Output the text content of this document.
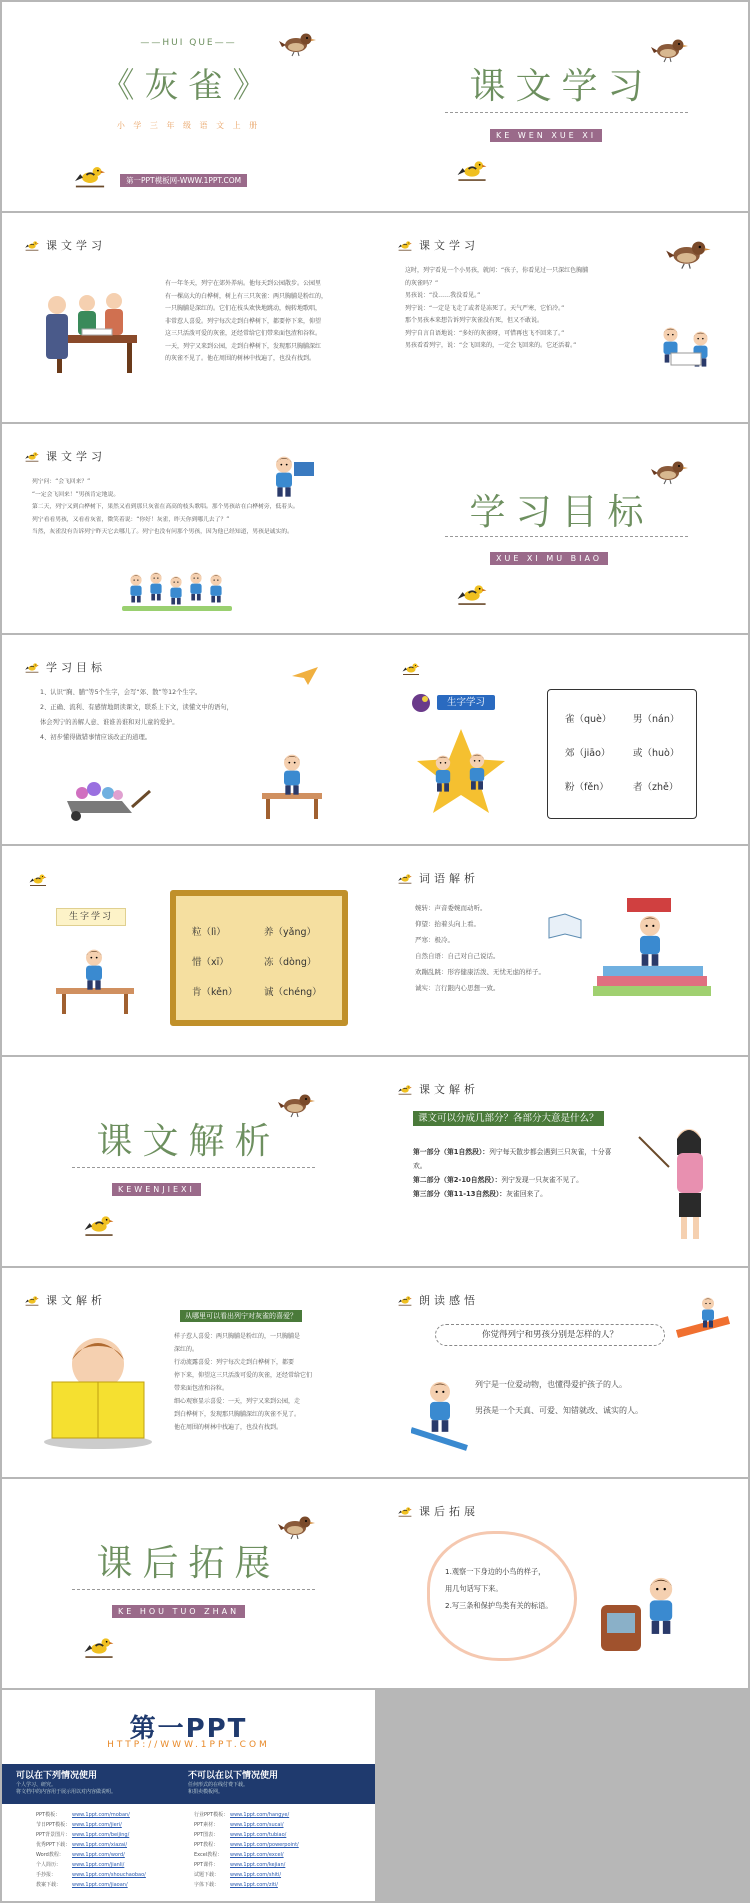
——HUI QUE——
《灰雀》
小 学 三 年 级 语 文 上 册
第一PPT模板网-WWW.1PPT.COM
课文学习
KE WEN XUE XI
课文学习
有一年冬天，列宁在郊外养病。他每天到公园散步。公园里
有一棵高大的白桦树，树上有三只灰雀：两只胸脯是粉红的，
一只胸脯是深红的。它们在枝头欢快地跳动，婉转地歌唱，
非常惹人喜爱。列宁每次走到白桦树下，都要停下来，仰望
这三只活泼可爱的灰雀，还经常给它们带来面包渣和谷粒。
一天，列宁又来到公园，走到白桦树下，发现那只胸脯深红
的灰雀不见了。他在周围的树林中找遍了，也没有找到。
课文学习
这时，列宁看见一个小男孩，就问：“孩子，你看见过一只深红色胸脯
的灰雀吗？”
男孩说：“没……我没看见。”
列宁说：“一定是飞走了或者是冻死了。天气严寒，它怕冷。”
那个男孩本来想告诉列宁灰雀没有死，但又不敢说。
列宁自言自语地说：“多好的灰雀呀，可惜再也飞不回来了。”
男孩看看列宁，说：“会飞回来的，一定会飞回来的。它还活着。”
课文学习
列宁问：“会飞回来？”
“一定会飞回来！”男孩肯定地说。
第二天，列宁又到白桦树下，果然又看到那只灰雀在高高的枝头歌唱。那个男孩站在白桦树旁，低着头。
列宁看看男孩，又看看灰雀，微笑着说：“你好！灰雀，昨天你到哪儿去了？”
当然，灰雀没有告诉列宁昨天它去哪儿了。列宁也没有问那个男孩，因为他已经知道，男孩是诚实的。	学习目标
XUE XI MU BIAO
学习目标
1、认识“胸、脯”等5个生字，会写“郊、散”等12个生字。
2、正确、流利、有感情地朗读课文，联系上下文，读懂文中的语句，
体会列宁的善解人意、谁谁善谁和对儿童的爱护。
4、初步懂得做错事情应该改正的道理。
生字学习
雀（què） 男（nán）
郊（jiāo） 或（huò）
粉（fěn）	者（zhě）
生字学习
粒（lì）	养（yǎng）
惜（xī）	冻（dòng）
肯（kěn）	诚（chéng）
词语解析
婉转：声音委婉而动听。
仰望：抬着头向上看。
严寒：极冷。
自然自语：自己对自己说话。
欢蹦乱跳：形容健康活泼、无忧无虑的样子。
诚实：言行跟内心思想一致。
课文解析
KEWENJIEXI
课文解析
课文可以分成几部分？各部分大意是什么？
第一部分（第1自然段）：列宁每天散步都会遇到三只灰雀，十分喜欢。
第二部分（第2-10自然段）：列宁发现一只灰雀不见了。
第三部分（第11-13自然段）：灰雀回来了。
课文解析
从哪里可以看出列宁对灰雀的喜爱？
样子惹人喜爱：两只胸脯是粉红的，一只胸脯是
深红的。
行动流露喜爱：列宁每次走到白桦树下，都要
停下来，仰望这三只活泼可爱的灰雀，还经常给它们
带来面包渣和谷粒。
细心观察显示喜爱：一天，列宁又来到公园，走
到白桦树下，发现那只胸脯深红的灰雀不见了。
他在周围的树林中找遍了，也没有找到。
朗读感悟
你觉得列宁和男孩分别是怎样的人？
列宁是一位爱动物，也懂得爱护孩子的人。
男孩是一个天真、可爱、知错就改、诚实的人。
课后拓展
KE HOU TUO ZHAN
课后拓展
1.观察一下身边的小鸟的样子，
用几句话写下来。
2.写三条和保护鸟类有关的标语。
第一PPT
HTTP://WWW.1PPT.COM
可以在下列情况使用
个人学习、研究。
将文档中的内容用于展示用以对内容做说明。
不可以在以下情况使用
任何形式的在线付费下载。
和捐卖模板网。
PPT模板： www.1ppt.com/moban/
节日PPT模板： www.1ppt.com/jieri/
PPT背景图片： www.1ppt.com/beijing/
优秀PPT下载： www.1ppt.com/xiazai/
Word教程： www.1ppt.com/word/
个人简历： www.1ppt.com/jianli/
手抄报：	www.1ppt.com/shouchaobao/
教案下载： www.1ppt.com/jiaoan/
行业PPT模板： www.1ppt.com/hangye/
PPT素材： www.1ppt.com/sucai/
PPT图表： www.1ppt.com/tubiao/
PPT教程： www.1ppt.com/powerpoint/
Excel教程： www.1ppt.com/excel/
PPT课件： www.1ppt.com/kejian/
试题下载： www.1ppt.com/shiti/
字体下载： www.1ppt.com/ziti/
